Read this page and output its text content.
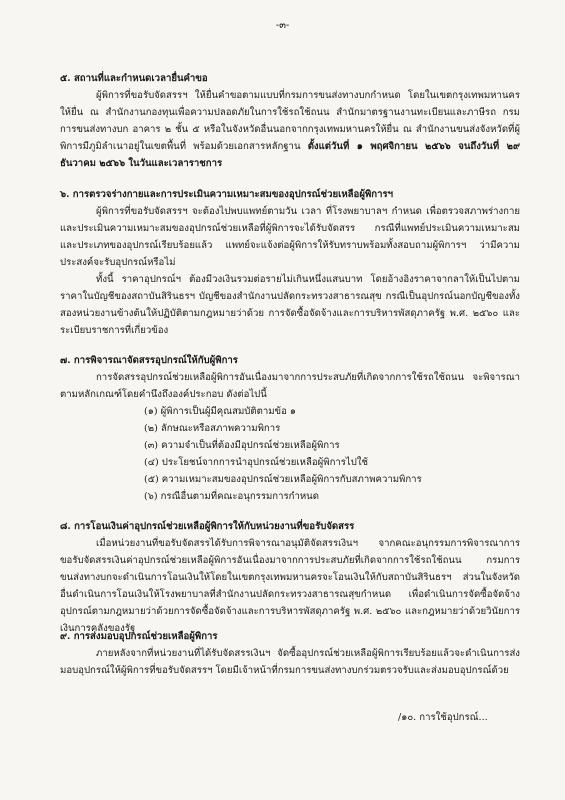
-๓-
๕. สถานที่และกำหนดเวลายื่นคำขอ
ผู้พิการที่ขอรับจัดสรรฯ ให้ยื่นคำขอตามแบบที่กรมการขนส่งทางบกกำหนด โดยในเขตกรุงเทพมหานครให้ยื่น ณ สำนักงานกองทุนเพื่อความปลอดภัยในการใช้รถใช้ถนน สำนักมาตรฐานงานทะเบียนและภาษีรถ กรมการขนส่งทางบก อาคาร ๒ ชั้น ๕ หรือในจังหวัดอื่นนอกจากกรุงเทพมหานครให้ยื่น ณ สำนักงานขนส่งจังหวัดที่ผู้พิการมีภูมิลำเนาอยู่ในเขตพื้นที่ พร้อมด้วยเอกสารหลักฐาน ตั้งแต่วันที่ ๑ พฤศจิกายน ๒๕๖๖ จนถึงวันที่ ๒๙ ธันวาคม ๒๕๖๖ ในวันและเวลาราชการ
๖. การตรวจร่างกายและการประเมินความเหมาะสมของอุปกรณ์ช่วยเหลือผู้พิการฯ
ผู้พิการที่ขอรับจัดสรรฯ จะต้องไปพบแพทย์ตามวัน เวลา ที่โรงพยาบาลฯ กำหนด เพื่อตรวจสภาพร่างกายและประเมินความเหมาะสมของอุปกรณ์ช่วยเหลือที่ผู้พิการจะได้รับจัดสรร กรณีที่แพทย์ประเมินความเหมาะสมและประเภทของอุปกรณ์เรียบร้อยแล้ว แพทย์จะแจ้งต่อผู้พิการให้รับทราบพร้อมทั้งสอบถามผู้พิการฯ ว่ามีความประสงค์จะรับอุปกรณ์หรือไม่
ทั้งนี้ ราคาอุปกรณ์ฯ ต้องมีวงเงินรวมต่อรายไม่เกินหนึ่งแสนบาท โดยอ้างอิงราคาจากลาให้เป็นไปตามราคาในบัญชีของสถาบันสิรินธรฯ บัญชีของสำนักงานปลัดกระทรวงสาธารณสุข กรณีเป็นอุปกรณ์นอกบัญชีของทั้งสองหน่วยงานข้างต้นให้ปฏิบัติตามกฎหมายว่าด้วย การจัดซื้อจัดจ้างและการบริหารพัสดุภาครัฐ พ.ศ. ๒๕๖๐ และระเบียบราชการที่เกี่ยวข้อง
๗. การพิจารณาจัดสรรอุปกรณ์ให้กับผู้พิการ
การจัดสรรอุปกรณ์ช่วยเหลือผู้พิการอันเนื่องมาจากการประสบภัยที่เกิดจากการใช้รถใช้ถนน จะพิจารณาตามหลักเกณฑ์โดยคำนึงถึงองค์ประกอบ ดังต่อไปนี้
(๑) ผู้พิการเป็นผู้มีคุณสมบัติตามข้อ ๑
(๒) ลักษณะหรือสภาพความพิการ
(๓) ความจำเป็นที่ต้องมีอุปกรณ์ช่วยเหลือผู้พิการ
(๔) ประโยชน์จากการนำอุปกรณ์ช่วยเหลือผู้พิการไปใช้
(๕) ความเหมาะสมของอุปกรณ์ช่วยเหลือผู้พิการกับสภาพความพิการ
(๖) กรณีอื่นตามที่คณะอนุกรรมการกำหนด
๘. การโอนเงินค่าอุปกรณ์ช่วยเหลือผู้พิการให้กับหน่วยงานที่ขอรับจัดสรร
เมื่อหน่วยงานที่ขอรับจัดสรรได้รับการพิจารณาอนุมัติจัดสรรเงินฯ จากคณะอนุกรรมการพิจารณาการขอรับจัดสรรเงินค่าอุปกรณ์ช่วยเหลือผู้พิการอันเนื่องมาจากการประสบภัยที่เกิดจากการใช้รถใช้ถนน กรมการขนส่งทางบกจะดำเนินการโอนเงินให้โดยในเขตกรุงเทพมหานครจะโอนเงินให้กับสถาบันสิรินธรฯ ส่วนในจังหวัดอื่นดำเนินการโอนเงินให้โรงพยาบาลที่สำนักงานปลัดกระทรวงสาธารณสุขกำหนด เพื่อดำเนินการจัดซื้อจัดจ้างอุปกรณ์ตามกฎหมายว่าด้วยการจัดซื้อจัดจ้างและการบริหารพัสดุภาครัฐ พ.ศ. ๒๕๖๐ และกฎหมายว่าด้วยวินัยการเงินการคลังของรัฐ
๙. การส่งมอบอุปกรณ์ช่วยเหลือผู้พิการ
ภายหลังจากที่หน่วยงานที่ได้รับจัดสรรเงินฯ จัดซื้ออุปกรณ์ช่วยเหลือผู้พิการเรียบร้อยแล้วจะดำเนินการส่งมอบอุปกรณ์ให้ผู้พิการที่ขอรับจัดสรรฯ โดยมีเจ้าหน้าที่กรมการขนส่งทางบกร่วมตรวจรับและส่งมอบอุปกรณ์ด้วย
/๑๐. การใช้อุปกรณ์...
